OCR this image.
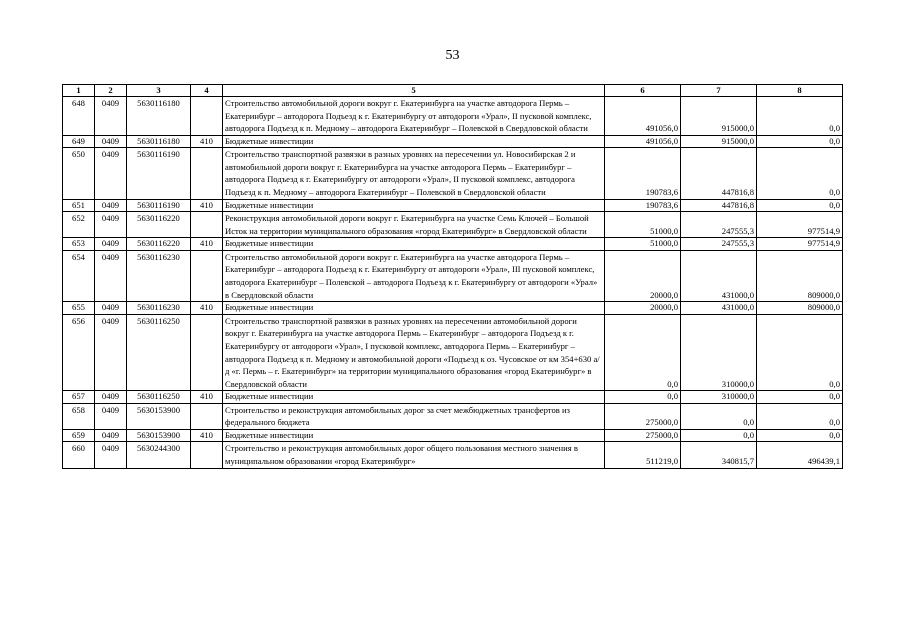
53
1	2	3	4	5	6	7	8
648	0409	5630116180		Строительство автомобильной дороги вокруг г. Екатеринбурга на участке автодорога Пермь – Екатеринбург – автодорога Подъезд к г. Екатеринбургу от автодороги «Урал», II пусковой комплекс, автодорога Подъезд к п. Медному – автодорога Екатеринбург – Полевской в Свердловской области	491056,0	915000,0	0,0
649	0409	5630116180	410	Бюджетные инвестиции	491056,0	915000,0	0,0
650	0409	5630116190		Строительство транспортной развязки в разных уровнях на пересечении ул. Новосибирская 2 и автомобильной дороги вокруг г. Екатеринбурга на участке автодорога Пермь – Екатеринбург – автодорога Подъезд к г. Екатеринбургу от автодороги «Урал», II пусковой комплекс, автодорога Подъезд к п. Медному – автодорога Екатеринбург – Полевской в Свердловской области	190783,6	447816,8	0,0
651	0409	5630116190	410	Бюджетные инвестиции	190783,6	447816,8	0,0
652	0409	5630116220		Реконструкция автомобильной дороги вокруг г. Екатеринбурга на участке Семь Ключей – Большой Исток на территории муниципального образования «город Екатеринбург» в Свердловской области	51000,0	247555,3	977514,9
653	0409	5630116220	410	Бюджетные инвестиции	51000,0	247555,3	977514,9
654	0409	5630116230		Строительство автомобильной дороги вокруг г. Екатеринбурга на участке автодорога Пермь – Екатеринбург – автодорога Подъезд к г. Екатеринбургу от автодороги «Урал», III пусковой комплекс, автодорога Екатеринбург – Полевской – автодорога Подъезд к г. Екатеринбургу от автодороги «Урал» в Свердловской области	20000,0	431000,0	809000,0
655	0409	5630116230	410	Бюджетные инвестиции	20000,0	431000,0	809000,0
656	0409	5630116250		Строительство транспортной развязки в разных уровнях на пересечении автомобильной дороги вокруг г. Екатеринбурга на участке автодорога Пермь – Екатеринбург – автодорога Подъезд к г. Екатеринбургу от автодороги «Урал», I пусковой комплекс, автодорога Пермь – Екатеринбург – автодорога Подъезд к п. Медному и автомобильной дороги «Подъезд к оз. Чусовское от км 354+630 а/д «г. Пермь – г. Екатеринбург» на территории муниципального образования «город Екатеринбург» в Свердловской области	0,0	310000,0	0,0
657	0409	5630116250	410	Бюджетные инвестиции	0,0	310000,0	0,0
658	0409	5630153900		Строительство и реконструкция автомобильных дорог за счет межбюджетных трансфертов из федерального бюджета	275000,0	0,0	0,0
659	0409	5630153900	410	Бюджетные инвестиции	275000,0	0,0	0,0
660	0409	5630244300		Строительство и реконструкция автомобильных дорог общего пользования местного значения в муниципальном образовании «город Екатеринбург»	511219,0	340815,7	496439,1
